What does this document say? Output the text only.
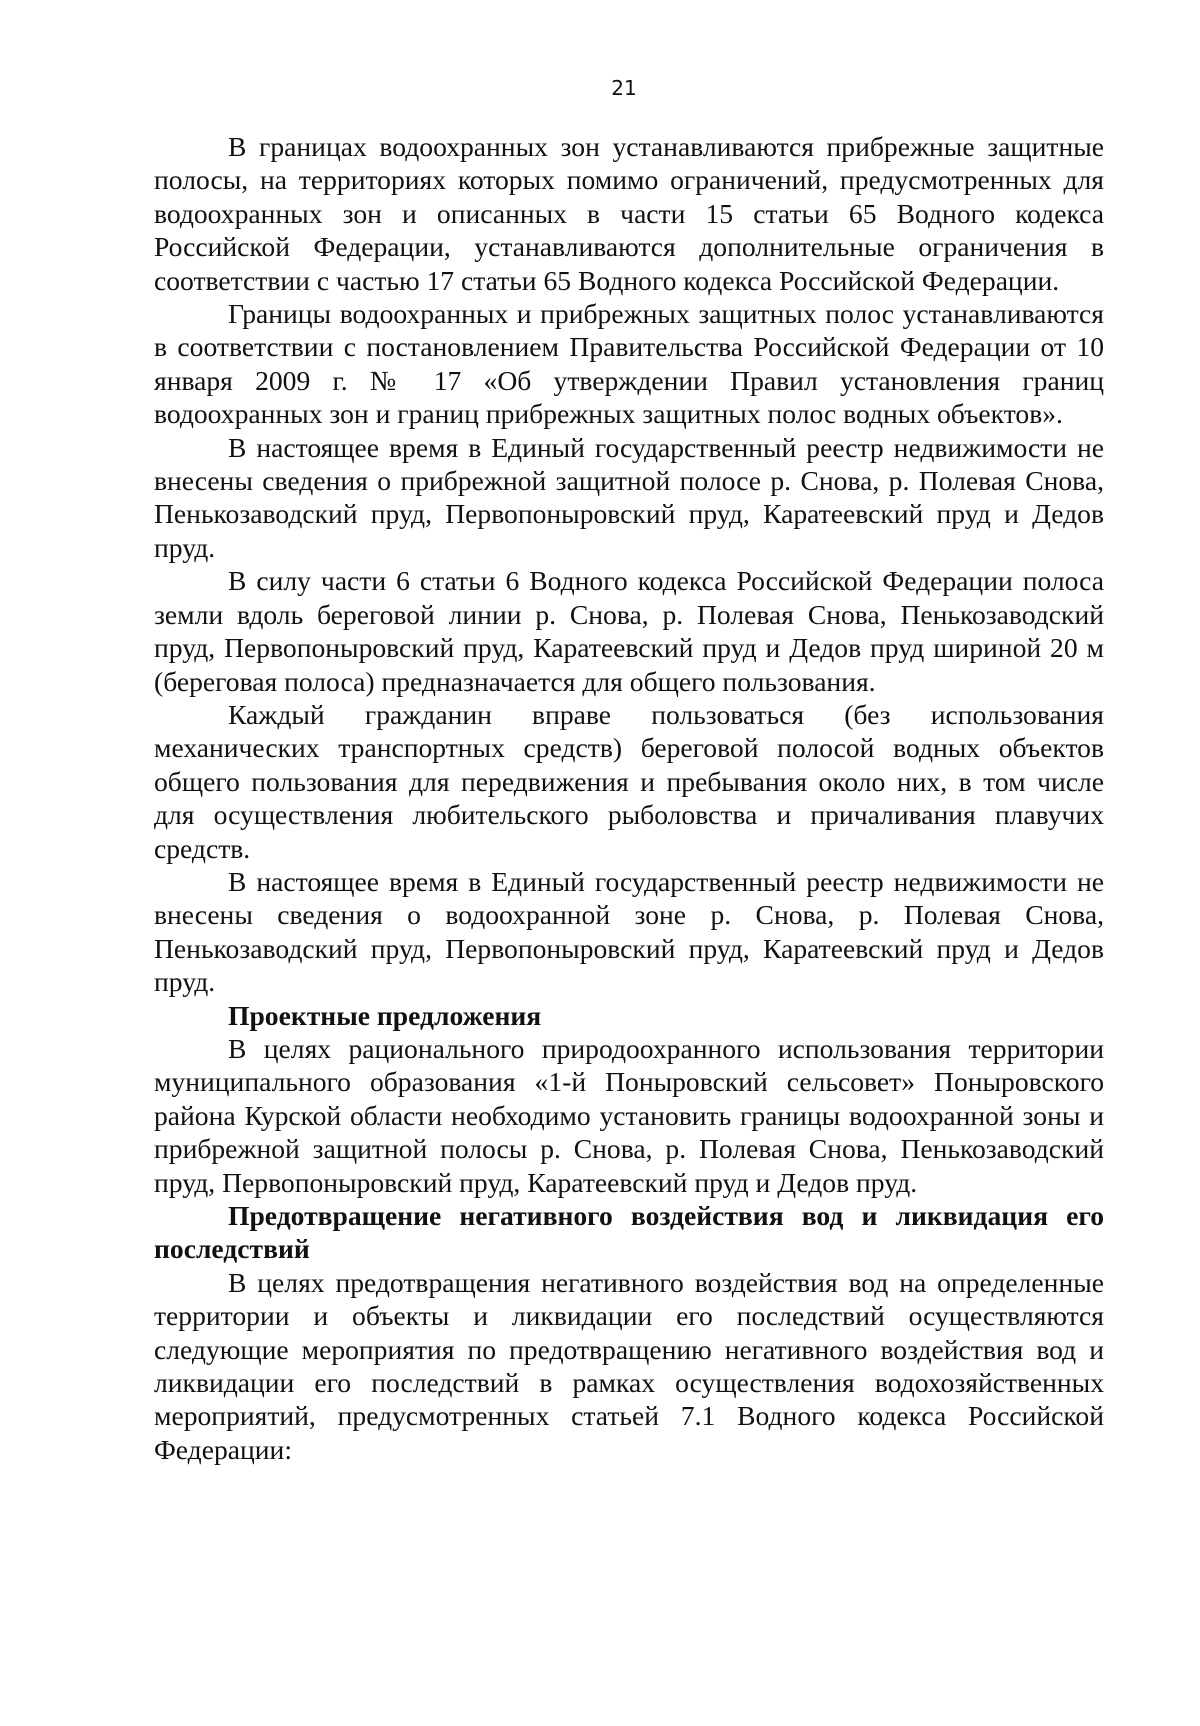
21

В границах водоохранных зон устанавливаются прибрежные защитные полосы, на территориях которых помимо ограничений, предусмотренных для водоохранных зон и описанных в части 15 статьи 65 Водного кодекса Российской Федерации, устанавливаются дополнительные ограничения в соответствии с частью 17 статьи 65 Водного кодекса Российской Федерации.

Границы водоохранных и прибрежных защитных полос устанавливаются в соответствии с постановлением Правительства Российской Федерации от 10 января 2009 г. № 17 «Об утверждении Правил установления границ водоохранных зон и границ прибрежных защитных полос водных объектов».

В настоящее время в Единый государственный реестр недвижимости не внесены сведения о прибрежной защитной полосе р. Снова, р. Полевая Снова, Пенькозаводский пруд, Первопоныровский пруд, Каратеевский пруд и Дедов пруд.

В силу части 6 статьи 6 Водного кодекса Российской Федерации полоса земли вдоль береговой линии р. Снова, р. Полевая Снова, Пенькозаводский пруд, Первопоныровский пруд, Каратеевский пруд и Дедов пруд шириной 20 м (береговая полоса) предназначается для общего пользования.

Каждый гражданин вправе пользоваться (без использования механических транспортных средств) береговой полосой водных объектов общего пользования для передвижения и пребывания около них, в том числе для осуществления любительского рыболовства и причаливания плавучих средств.

В настоящее время в Единый государственный реестр недвижимости не внесены сведения о водоохранной зоне р. Снова, р. Полевая Снова, Пенькозаводский пруд, Первопоныровский пруд, Каратеевский пруд и Дедов пруд.

Проектные предложения

В целях рационального природоохранного использования территории муниципального образования «1-й Поныровский сельсовет» Поныровского района Курской области необходимо установить границы водоохранной зоны и прибрежной защитной полосы р. Снова, р. Полевая Снова, Пенькозаводский пруд, Первопоныровский пруд, Каратеевский пруд и Дедов пруд.

Предотвращение негативного воздействия вод и ликвидация его последствий

В целях предотвращения негативного воздействия вод на определенные территории и объекты и ликвидации его последствий осуществляются следующие мероприятия по предотвращению негативного воздействия вод и ликвидации его последствий в рамках осуществления водохозяйственных мероприятий, предусмотренных статьей 7.1 Водного кодекса Российской Федерации:
